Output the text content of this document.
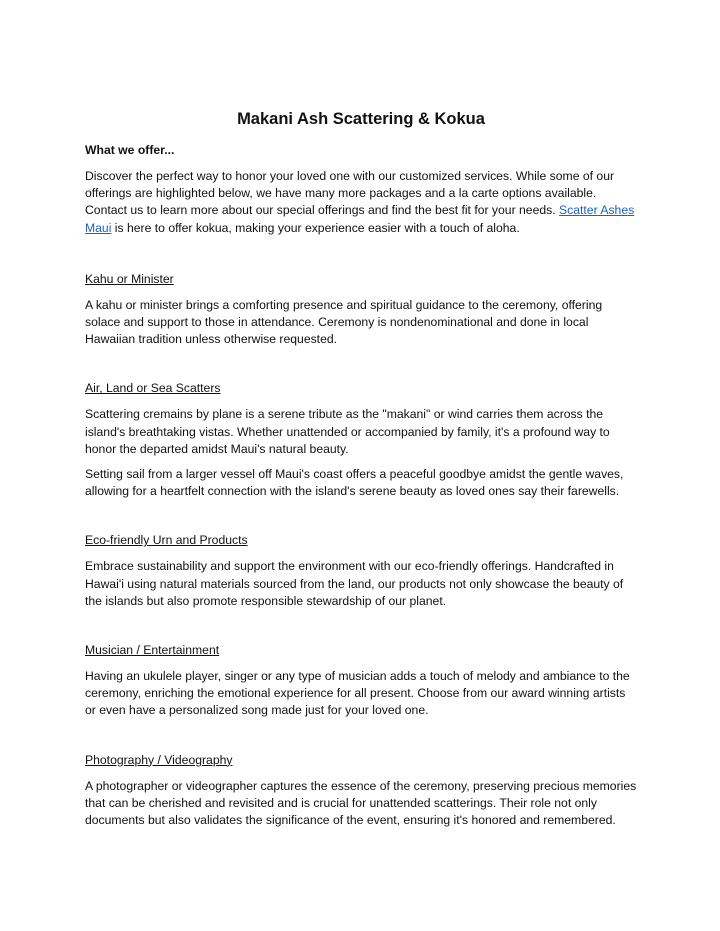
Makani Ash Scattering & Kokua
What we offer...

Discover the perfect way to honor your loved one with our customized services. While some of our offerings are highlighted below, we have many more packages and a la carte options available. Contact us to learn more about our special offerings and find the best fit for your needs. Scatter Ashes Maui is here to offer kokua, making your experience easier with a touch of aloha.

Kahu or Minister

A kahu or minister brings a comforting presence and spiritual guidance to the ceremony, offering solace and support to those in attendance. Ceremony is nondenominational and done in local Hawaiian tradition unless otherwise requested.

Air, Land or Sea Scatters

Scattering cremains by plane is a serene tribute as the "makani" or wind carries them across the island's breathtaking vistas. Whether unattended or accompanied by family, it's a profound way to honor the departed amidst Maui's natural beauty.

Setting sail from a larger vessel off Maui's coast offers a peaceful goodbye amidst the gentle waves, allowing for a heartfelt connection with the island's serene beauty as loved ones say their farewells.

Eco-friendly Urn and Products

Embrace sustainability and support the environment with our eco-friendly offerings. Handcrafted in Hawai'i using natural materials sourced from the land, our products not only showcase the beauty of the islands but also promote responsible stewardship of our planet.

Musician / Entertainment

Having an ukulele player, singer or any type of musician adds a touch of melody and ambiance to the ceremony, enriching the emotional experience for all present. Choose from our award winning artists or even have a personalized song made just for your loved one.

Photography / Videography

A photographer or videographer captures the essence of the ceremony, preserving precious memories that can be cherished and revisited and is crucial for unattended scatterings. Their role not only documents but also validates the significance of the event, ensuring it's honored and remembered.
